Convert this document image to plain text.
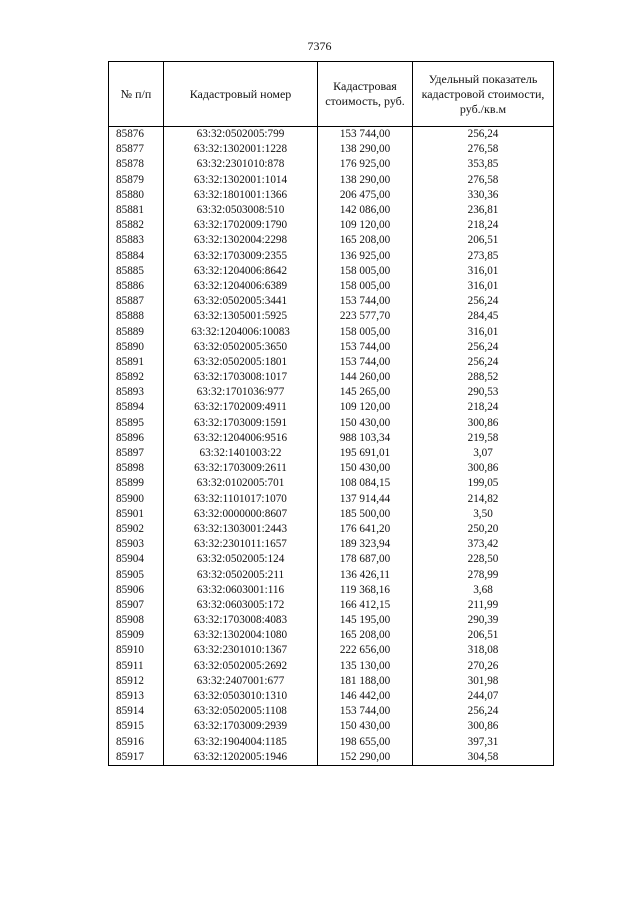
7376
№ п/п	Кадастровый номер	Кадастровая стоимость, руб.	Удельный показатель кадастровой стоимости, руб./кв.м
85876	63:32:0502005:799	153 744,00	256,24
85877	63:32:1302001:1228	138 290,00	276,58
85878	63:32:2301010:878	176 925,00	353,85
85879	63:32:1302001:1014	138 290,00	276,58
85880	63:32:1801001:1366	206 475,00	330,36
85881	63:32:0503008:510	142 086,00	236,81
85882	63:32:1702009:1790	109 120,00	218,24
85883	63:32:1302004:2298	165 208,00	206,51
85884	63:32:1703009:2355	136 925,00	273,85
85885	63:32:1204006:8642	158 005,00	316,01
85886	63:32:1204006:6389	158 005,00	316,01
85887	63:32:0502005:3441	153 744,00	256,24
85888	63:32:1305001:5925	223 577,70	284,45
85889	63:32:1204006:10083	158 005,00	316,01
85890	63:32:0502005:3650	153 744,00	256,24
85891	63:32:0502005:1801	153 744,00	256,24
85892	63:32:1703008:1017	144 260,00	288,52
85893	63:32:1701036:977	145 265,00	290,53
85894	63:32:1702009:4911	109 120,00	218,24
85895	63:32:1703009:1591	150 430,00	300,86
85896	63:32:1204006:9516	988 103,34	219,58
85897	63:32:1401003:22	195 691,01	3,07
85898	63:32:1703009:2611	150 430,00	300,86
85899	63:32:0102005:701	108 084,15	199,05
85900	63:32:1101017:1070	137 914,44	214,82
85901	63:32:0000000:8607	185 500,00	3,50
85902	63:32:1303001:2443	176 641,20	250,20
85903	63:32:2301011:1657	189 323,94	373,42
85904	63:32:0502005:124	178 687,00	228,50
85905	63:32:0502005:211	136 426,11	278,99
85906	63:32:0603001:116	119 368,16	3,68
85907	63:32:0603005:172	166 412,15	211,99
85908	63:32:1703008:4083	145 195,00	290,39
85909	63:32:1302004:1080	165 208,00	206,51
85910	63:32:2301010:1367	222 656,00	318,08
85911	63:32:0502005:2692	135 130,00	270,26
85912	63:32:2407001:677	181 188,00	301,98
85913	63:32:0503010:1310	146 442,00	244,07
85914	63:32:0502005:1108	153 744,00	256,24
85915	63:32:1703009:2939	150 430,00	300,86
85916	63:32:1904004:1185	198 655,00	397,31
85917	63:32:1202005:1946	152 290,00	304,58
